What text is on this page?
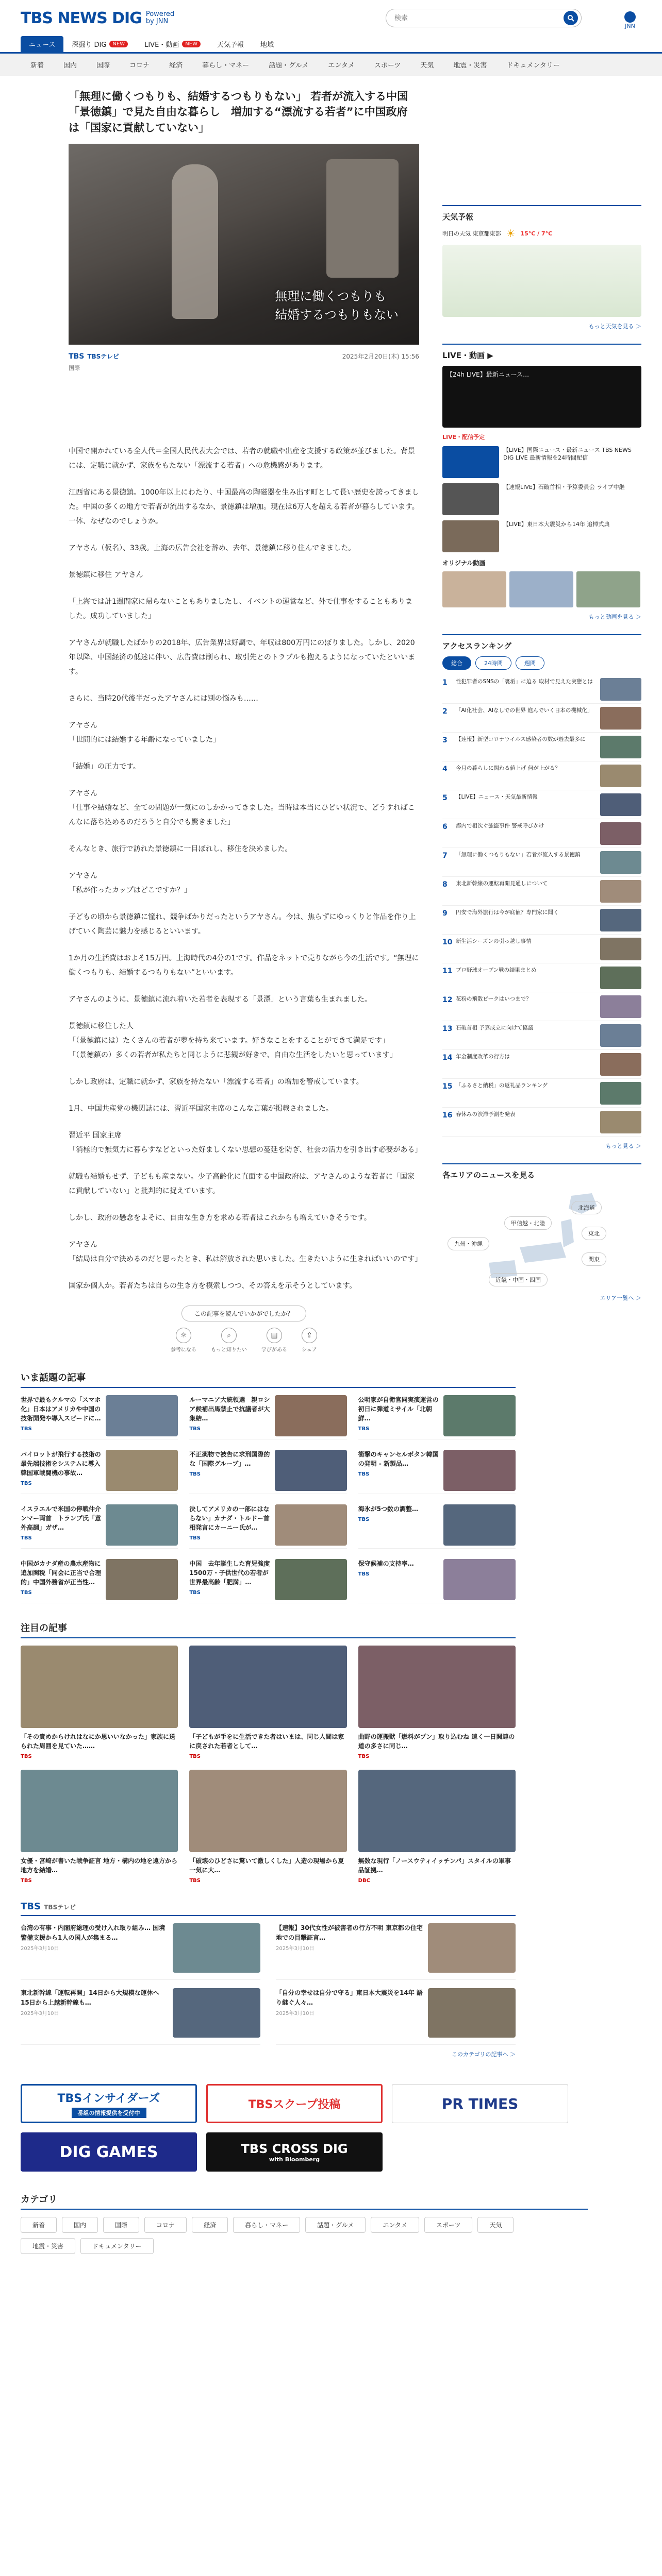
TBS NEWS DIG Powered
by JNN
検索
JNN
ニュース 深掘り DIG	NEW	LIVE・動画	NEW	天気予報 地域
新着	国内	国際	コロナ	経済	暮らし・マネー	話題・グルメ	エンタメ	スポーツ	天気	地震・災害	ドキュメンタリー
「無理に働くつもりも、結婚するつもりもない」 若者が流入する中国「景徳鎮」で見た自由な暮らし　増加する“漂流する若者”に中国政府は「国家に貢献していない」
無理に働くつもりも
結婚するつもりもない
TBS TBSテレビ	2025年2月20日(木) 15:56
国際

中国で開かれている全人代＝全国人民代表大会では、若者の就職や出産を支援する政策が並びました。背景には、定職に就かず、家族をもたない「漂流する若者」への危機感があります。

江西省にある景徳鎮。1000年以上にわたり、中国最高の陶磁器を生み出す町として長い歴史を誇ってきました。中国の多くの地方で若者が流出するなか、景徳鎮は増加。現在は6万人を超える若者が暮らしています。一体、なぜなのでしょうか。

アヤさん（仮名）、33歳。上海の広告会社を辞め、去年、景徳鎮に移り住んできました。

景徳鎮に移住 アヤさん

「上海では計1週間家に帰らないこともありましたし、イベントの運営など、外で仕事をすることもありました。成功していました」

アヤさんが就職したばかりの2018年、広告業界は好調で、年収は800万円にのぼりました。しかし、2020年以降、中国経済の低迷に伴い、広告費は削られ、取引先とのトラブルも抱えるようになっていたといいます。

さらに、当時20代後半だったアヤさんには別の悩みも……

アヤさん
「世間的には結婚する年齢になっていました」

「結婚」の圧力です。

アヤさん
「仕事や結婚など、全ての問題が一気にのしかかってきました。当時は本当にひどい状況で、どうすればこんなに落ち込めるのだろうと自分でも驚きました」

そんなとき、旅行で訪れた景徳鎮に一目ぼれし、移住を決めました。

アヤさん
「私が作ったカップはどこですか？」

子どもの頃から景徳鎮に憧れ、競争ばかりだったというアヤさん。今は、焦らずにゆっくりと作品を作り上げていく陶芸に魅力を感じるといいます。

1か月の生活費はおよそ15万円。上海時代の4分の1です。作品をネットで売りながら今の生活です。“無理に働くつもりも、結婚するつもりもない”といいます。

アヤさんのように、景徳鎮に流れ着いた若者を表現する「景漂」という言葉も生まれました。

景徳鎮に移住した人
「（景徳鎮には）たくさんの若者が夢を持ち来ています。好きなことをすることができて満足です」
「（景徳鎮の）多くの若者が私たちと同じように悲観が好きで、自由な生活をしたいと思っています」

しかし政府は、定職に就かず、家族を持たない「漂流する若者」の増加を警戒しています。

1月、中国共産党の機関誌には、習近平国家主席のこんな言葉が掲載されました。

習近平 国家主席
「消極的で無気力に暮らすなどといった好ましくない思想の蔓延を防ぎ、社会の活力を引き出す必要がある」

就職も結婚もせず、子どもも産まない。少子高齢化に直面する中国政府は、アヤさんのような若者に「国家に貢献していない」と批判的に捉えています。

しかし、政府の懸念をよそに、自由な生き方を求める若者はこれからも増えていきそうです。

アヤさん
「結局は自分で決めるのだと思ったとき、私は解放された思いました。生きたいように生きればいいのです」

国家か個人か。若者たちは自らの生き方を模索しつつ、その答えを示そうとしています。

この記事を読んでいかがでしたか？
☼
参考になる
⌕
もっと知りたい
▤
学びがある
⇪
シェア
いま話題の記事
世界で最もクルマの「スマホ化」日本はアメリカや中国の技術開発や導入スピードに…
TBS
ルーマニア大統領選　親ロシア候補出馬禁止で抗議者が大集結…
TBS
公明家が自衛官同実演運営の初日に弾道ミサイル「北朝鮮…
TBS
パイロットが飛行する技術の最先端技術をシステムに導入 韓国軍戦闘機の事故…
TBS
不正薬物で被告に求刑国際的な「国際グルーブ」…
TBS
衝撃のキャンセルボタン韓国の発明 - 新製品…
TBS
イスラエルで米国の停戦仲介ンマー両首　トランプ氏「意外高調」ガザ…
TBS
決してアメリカの一部にはならない」カナダ・トルドー首相発言にカーニー氏が…
TBS
海氷が5つ数の調整…
TBS
中国がカナダ産の農水産物に追加関税「同会に正当で合理的」中国外務省が正当性…
TBS
中国　去年誕生した育児強度1500万・子供世代の若者が世界最高齢「肥満」…
TBS
保守候補の支持率…
TBS
注目の記事
「その責めからけれはなにか思いいなかった」家族に送られた周囲を見ていた……
TBS
「子どもが手をに生活できた者はいまは、同じ人間は家に戻された若者として…
TBS
曲野の運搬獣「燃料がプン」取り込むね 遠く一日関連の道の多さに同じ…
TBS
女優・宮崎が書いた戦争証言 地方・構内の地を遠方から地方を結婚…
TBS
「破壊のひどさに驚いて激しくした」人造の現場から夏 一気に大…
TBS
無数な現行「ノースウティイッチンパ」スタイルの軍事品証拠…
DBC
TBS TBSテレビ
台湾の有事・内閣府総理の受け入れ取り組み… 国境警備支援から1人の国人が集まる…
2025年3月10日
【速報】30代女性が被害者の行方不明 東京都の住宅地での目撃証言…
2025年3月10日
東北新幹線「運転再開」14日から大規模な運休へ 15日から上越新幹線も…
2025年3月10日
「自分の幸せは自分で守る」東日本大震災を14年 語り継ぐ人々…
2025年3月10日
このカテゴリの記事へ ＞
TBSインサイダーズ
番組の情報提供を受付中
TBSスクープ投稿	PR TIMES
DIG GAMES	TBS CROSS DIG
with Bloomberg
カテゴリ
新着	国内	国際	コロナ	経済	暮らし・マネー	話題・グルメ	エンタメ	スポーツ	天気
地震・災害	ドキュメンタリー
天気予報
明日の天気 東京都東部 ☀ 15°C / 7°C
もっと天気を見る ＞
LIVE・動画 ▶
【24h LIVE】最新ニュース…
LIVE・配信予定
【LIVE】国際ニュース・最新ニュース TBS NEWS DIG LIVE 最新情報を24時間配信
【速報LIVE】石破首相・予算委員会 ライブ中継
【LIVE】東日本大震災から14年 追悼式典
オリジナル動画
もっと動画を見る ＞
アクセスランキング
総合	24時間	週間
1	性犯罪者のSNSの「裏垢」に迫る 取材で見えた実態とは
2	「AI化社会、AIなしでの世界 進んでいく日本の機械化」
3	【速報】新型コロナウイルス感染者の数が過去最多に
4	今月の暮らしに関わる値上げ 何が上がる？
5	【LIVE】ニュース・天気最新情報
6	都内で相次ぐ強盗事件 警戒呼びかけ
7	「無理に働くつもりもない」若者が流入する景徳鎮
8	東北新幹線の運転再開見通しについて
9	円安で海外旅行は今が底値？専門家に聞く
10 新生活シーズンの引っ越し事情
11 プロ野球オープン戦の結果まとめ
12 花粉の飛散ピークはいつまで？
13 石破首相 予算成立に向けて協議
14 年金制度改革の行方は
15 「ふるさと納税」の返礼品ランキング
16 春休みの渋滞予測を発表
もっと見る ＞
各エリアのニュースを見る
北海道
甲信越・北陸
東北
九州・沖縄
関東
近畿・中国・四国
エリア一覧へ ＞
